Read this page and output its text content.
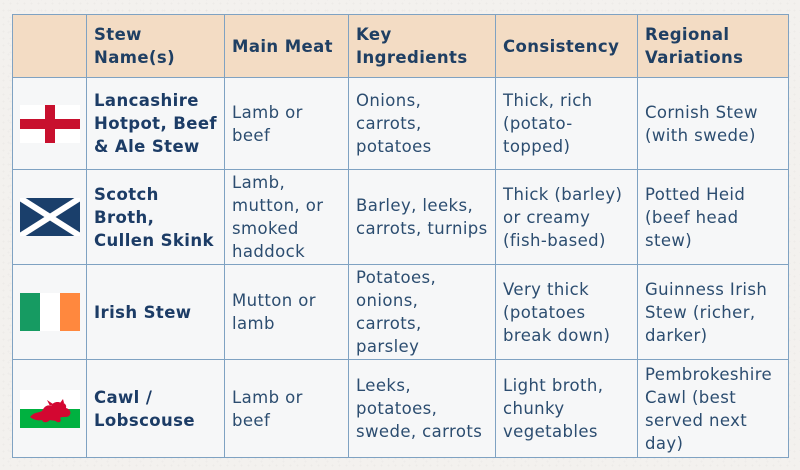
	Stew Name(s)	Main Meat	Key Ingredients	Consistency	Regional Variations
	Lancashire Hotpot, Beef & Ale Stew	Lamb or beef	Onions, carrots, potatoes	Thick, rich (potato-topped)	Cornish Stew (with swede)
	Scotch Broth, Cullen Skink	Lamb, mutton, or smoked haddock	Barley, leeks, carrots, turnips	Thick (barley) or creamy (fish-based)	Potted Heid (beef head stew)
	Irish Stew	Mutton or lamb	Potatoes, onions, carrots, parsley	Very thick (potatoes break down)	Guinness Irish Stew (richer, darker)
	Cawl / Lobscouse	Lamb or beef	Leeks, potatoes, swede, carrots	Light broth, chunky vegetables	Pembrokeshire Cawl (best served next day)
